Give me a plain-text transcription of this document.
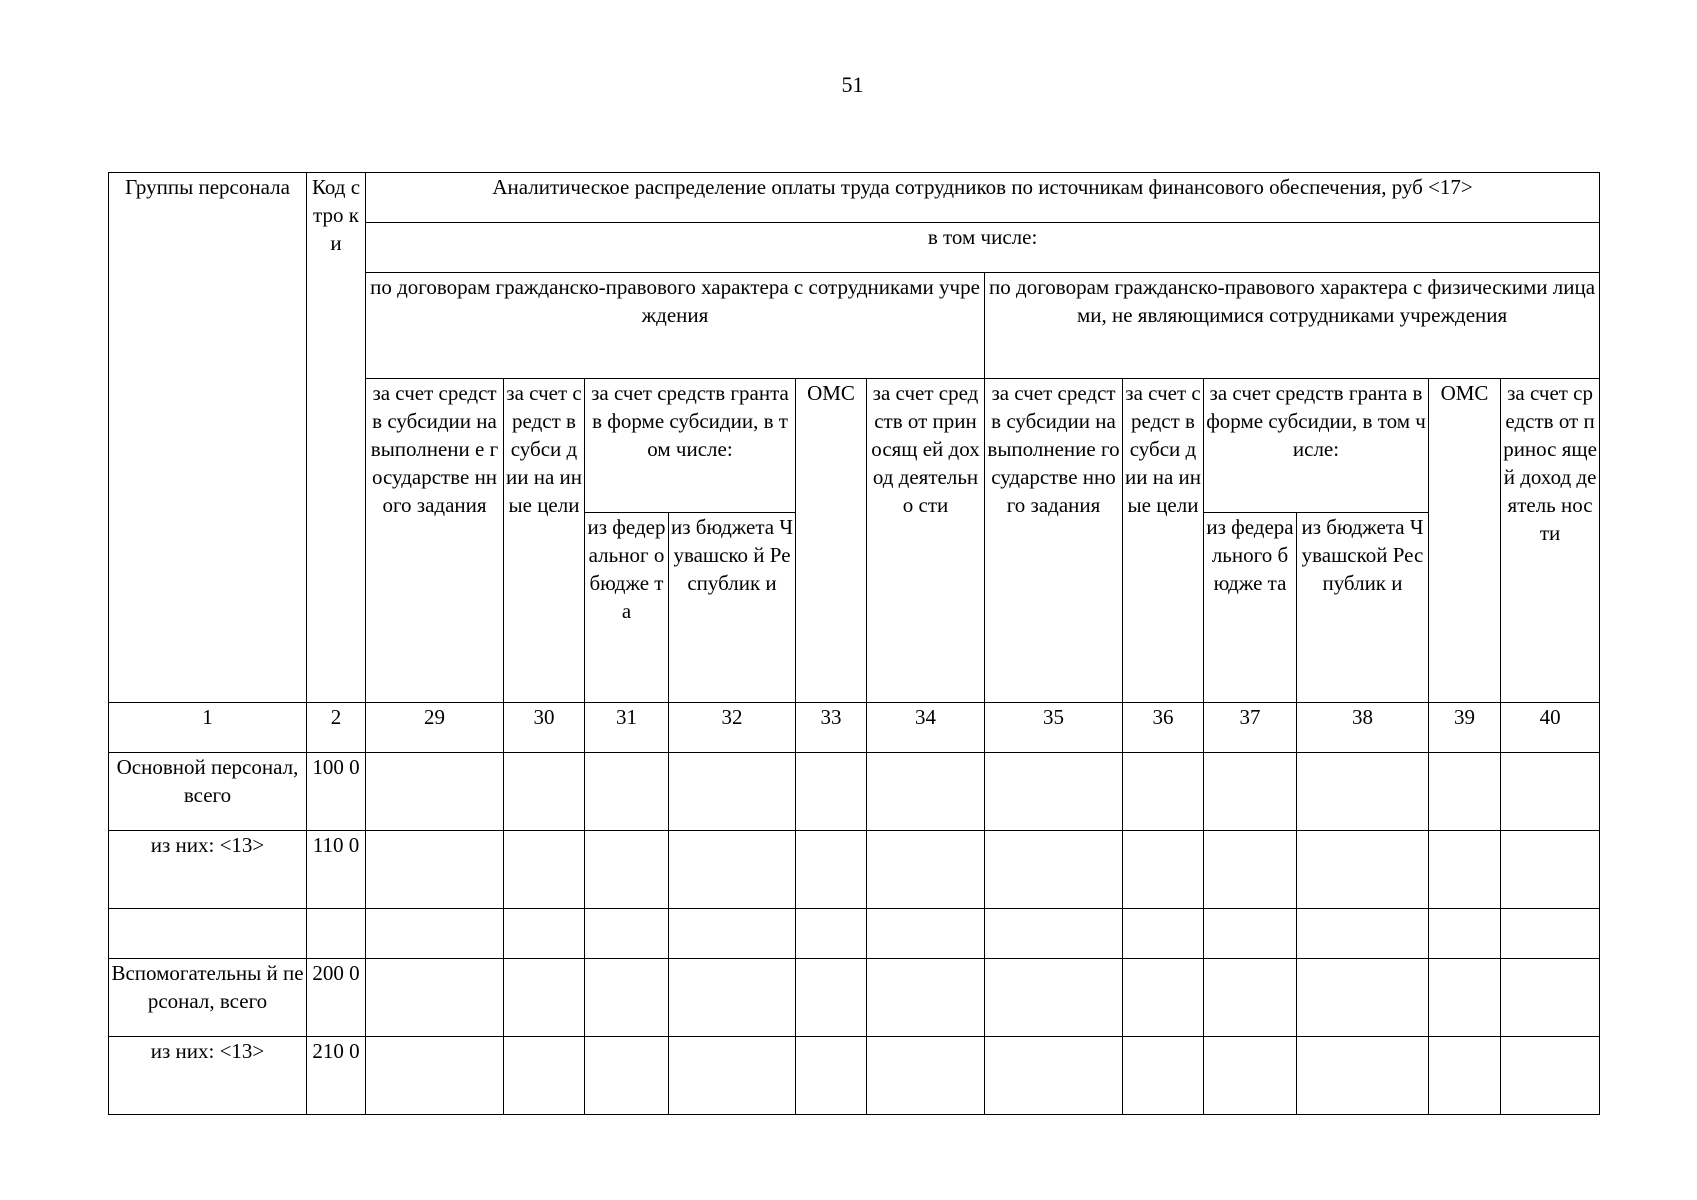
51
Группы персонала	Код стро ки	Аналитическое распределение оплаты труда сотрудников по источникам финансового обеспечения, руб <17>											
		в том числе:											
		по договорам гражданско-правового характера с сотрудниками учреждения						по договорам гражданско-правового характера с физическими лицами, не являющимися сотрудниками учреждения					
		за счет средств субсидии на выполнени е государстве нного задания	за счет средст в субси дии на иные цели	за счет средств гранта в форме субсидии, в том числе:		ОМС	за счет средств от приносящ ей доход деятельно сти	за счет средств субсидии на выполнение государстве нного задания	за счет средст в субси дии на иные цели	за счет средств гранта в форме субсидии, в том числе:		ОМС	за счет средств от принос ящей доход деятель ности
				из федер альног о бюдже та	из бюджета Чувашско й Республик и					из федера льного бюдже та	из бюджета Чувашской Республик и		

1	2	29	30	31	32	33	34	35	36	37	38	39	40
Основной персонал, всего	100 0												
из них: <13>	110 0												

Вспомогательны й персонал, всего	200 0												
из них: <13>	210 0												
